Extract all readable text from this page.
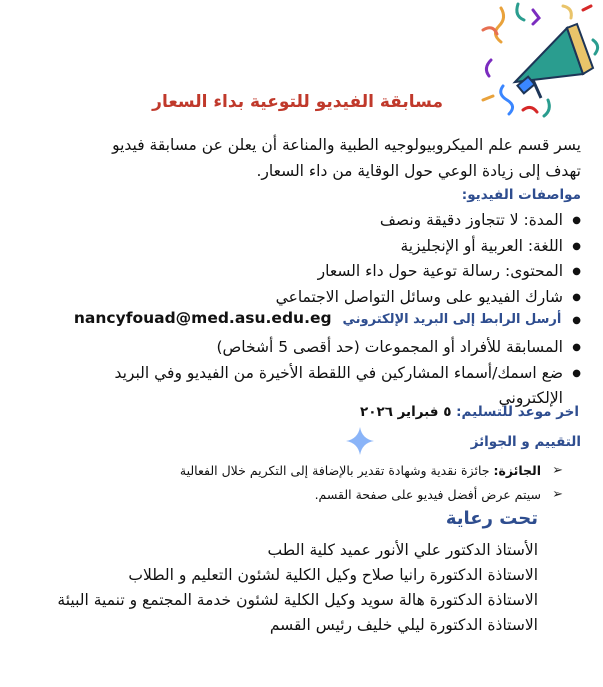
مسابقة الفيديو للتوعية بداء السعار
يسر قسم علم الميكروبيولوجيه الطبية والمناعة أن يعلن عن مسابقة فيديو تهدف إلى زيادة الوعي حول الوقاية من داء السعار.
مواصفات الفيديو:
● المدة: لا تتجاوز دقيقة ونصف
● اللغة: العربية أو الإنجليزية
● المحتوى: رسالة توعية حول داء السعار
● شارك الفيديو على وسائل التواصل الاجتماعي
● أرسل الرابط إلى البريد الإلكتروني nancyfouad@med.asu.edu.eg
● المسابقة للأفراد أو المجموعات (حد أقصى 5 أشخاص)
● ضع اسمك/أسماء المشاركين في اللقطة الأخيرة من الفيديو وفي البريد الإلكتروني
اخر موعد للتسليم: ٥ فبراير ٢٠٢٦
التقييم و الجوائز
➢ الجائزة: جائزة نقدية وشهادة تقدير بالإضافة إلى التكريم خلال الفعالية
➢ سيتم عرض أفضل فيديو على صفحة القسم.
تحت رعاية
الأستاذ الدكتور علي الأنور عميد كلية الطب
الاستاذة الدكتورة رانيا صلاح وكيل الكلية لشئون التعليم و الطلاب
الاستاذة الدكتورة هالة سويد وكيل الكلية لشئون خدمة المجتمع و تنمية البيئة
الاستاذة الدكتورة ليلي خليف رئيس القسم
